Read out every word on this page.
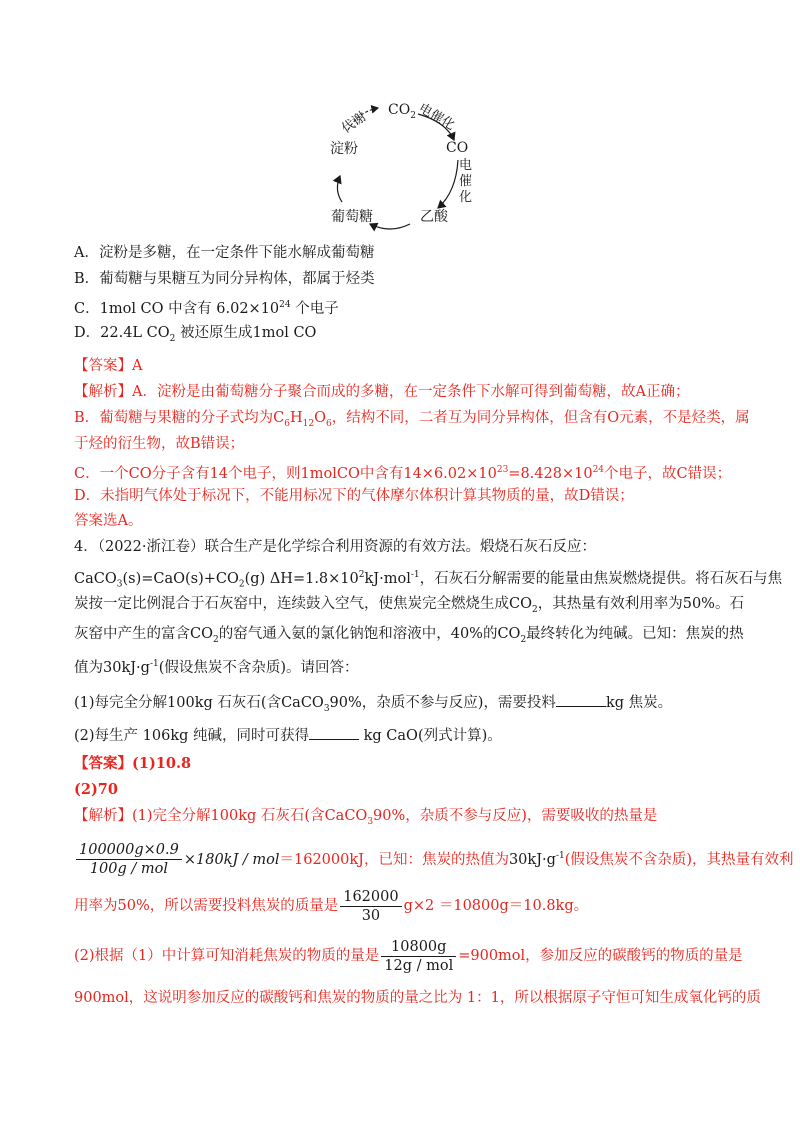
$CO_2$
代谢	电催化
CO
电催化
淀粉
葡萄糖	乙酸
A．淀粉是多糖，在一定条件下能水解成葡萄糖
B．葡萄糖与果糖互为同分异构体，都属于烃类
C．1mol CO 中含有 $6.02\times 10^{24}$ 个电子
D．22.4L $CO_2$ 被还原生成1mol CO
【答案】A
【解析】A．淀粉是由葡萄糖分子聚合而成的多糖，在一定条件下水解可得到葡萄糖，故A正确；
B．葡萄糖与果糖的分子式均为$C_6H_{12}O_6$，结构不同，二者互为同分异构体，但含有O元素，不是烃类，属
于烃的衍生物，故B错误；
C．一个CO分子含有14个电子，则1molCO中含有$14\times 6.02\times 10^{23}=8.428\times 10^{24}$个电子，故C错误；
D．未指明气体处于标况下，不能用标况下的气体摩尔体积计算其物质的量，故D错误；
答案选A。
4．（2022·浙江卷）联合生产是化学综合利用资源的有效方法。煅烧石灰石反应：
$CaCO_3(s)=CaO(s)+CO_2(g)$ $\Delta H=1.8\times 10^2kJ\cdot mol^{-1}$，石灰石分解需要的能量由焦炭燃烧提供。将石灰石与焦
炭按一定比例混合于石灰窑中，连续鼓入空气，使焦炭完全燃烧生成$CO_2$，其热量有效利用率为50%。石
灰窑中产生的富含$CO_2$的窑气通入氨的氯化钠饱和溶液中，40%的$CO_2$最终转化为纯碱。已知：焦炭的热
值为$30kJ\cdot g^{-1}$(假设焦炭不含杂质)。请回答：
(1)每完全分解100kg 石灰石(含CaCO$_3$90%，杂质不参与反应)，需要投料	kg 焦炭。
(2)每生产 106kg 纯碱，同时可获得	kg CaO(列式计算)。
【答案】(1)10.8
(2)70
【解析】(1)完全分解100kg 石灰石(含CaCO$_3$90%，杂质不参与反应)，需要吸收的热量是
$\frac{100000g\times 0.9}{\text{100g / mol}} \times 180kJ / mol=162000kJ$，已知：焦炭的热值为$30kJ\cdot g^{-1}$(假设焦炭不含杂质)，其热量有效利
用率为50%，所以需要投料焦炭的质量是 $\frac{162000}{30} g\times 2 =10800g=10.8kg$。
(2)根据（1）中计算可知消耗焦炭的物质的量是 $\frac{10800g}{\text{12g / mol}} =900mol$，参加反应的碳酸钙的物质的量是
900mol，这说明参加反应的碳酸钙和焦炭的物质的量之比为 1：1，所以根据原子守恒可知生成氧化钙的质
